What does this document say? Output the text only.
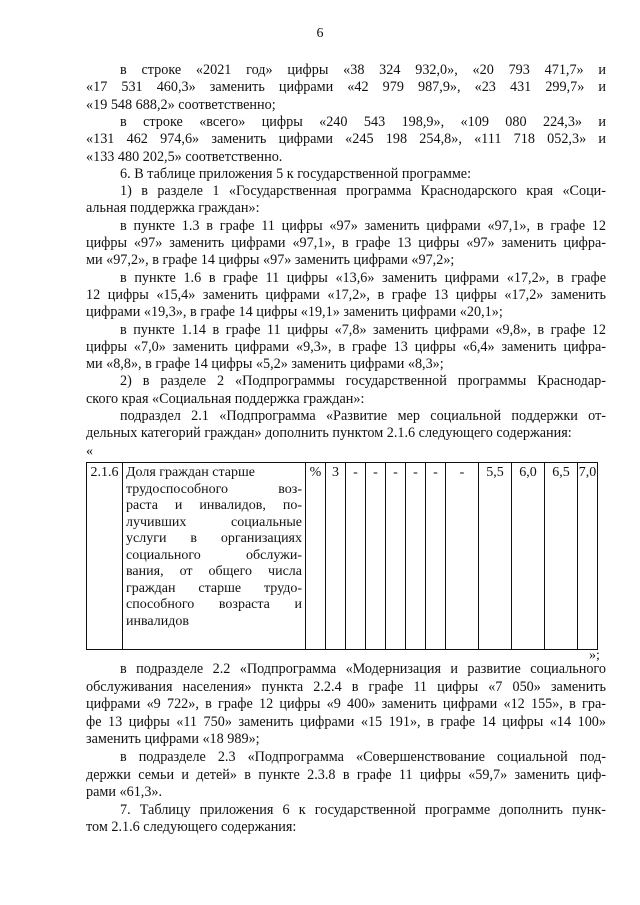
6
в строке «2021 год» цифры «38 324 932,0», «20 793 471,7» и
«17 531 460,3» заменить цифрами «42 979 987,9», «23 431 299,7» и
«19 548 688,2» соответственно;
в строке «всего» цифры «240 543 198,9», «109 080 224,3» и
«131 462 974,6» заменить цифрами «245 198 254,8», «111 718 052,3» и
«133 480 202,5» соответственно.
6. В таблице приложения 5 к государственной программе:
1) в разделе 1 «Государственная программа Краснодарского края «Соци-
альная поддержка граждан»:
в пункте 1.3 в графе 11 цифры «97» заменить цифрами «97,1», в графе 12
цифры «97» заменить цифрами «97,1», в графе 13 цифры «97» заменить цифра-
ми «97,2», в графе 14 цифры «97» заменить цифрами «97,2»;
в пункте 1.6 в графе 11 цифры «13,6» заменить цифрами «17,2», в графе
12 цифры «15,4» заменить цифрами «17,2», в графе 13 цифры «17,2» заменить
цифрами «19,3», в графе 14 цифры «19,1» заменить цифрами «20,1»;
в пункте 1.14 в графе 11 цифры «7,8» заменить цифрами «9,8», в графе 12
цифры «7,0» заменить цифрами «9,3», в графе 13 цифры «6,4» заменить цифра-
ми «8,8», в графе 14 цифры «5,2» заменить цифрами «8,3»;
2) в разделе 2 «Подпрограммы государственной программы Краснодар-
ского края «Социальная поддержка граждан»:
подраздел 2.1 «Подпрограмма «Развитие мер социальной поддержки от-
дельных категорий граждан» дополнить пунктом 2.1.6 следующего содержания:
«
2.1.6	Доля граждан старше
трудоспособного воз-
раста и инвалидов, по-
лучивших социальные
услуги в организациях
социального обслужи-
вания, от общего числа
граждан старше трудо-
способного возраста и
инвалидов
	%	3	-	-	-	-	-	-	5,5	6,0	6,5	7,0
»;
в подразделе 2.2 «Подпрограмма «Модернизация и развитие социального
обслуживания населения» пункта 2.2.4 в графе 11 цифры «7 050» заменить
цифрами «9 722», в графе 12 цифры «9 400» заменить цифрами «12 155», в гра-
фе 13 цифры «11 750» заменить цифрами «15 191», в графе 14 цифры «14 100»
заменить цифрами «18 989»;
в подразделе 2.3 «Подпрограмма «Совершенствование социальной под-
держки семьи и детей» в пункте 2.3.8 в графе 11 цифры «59,7» заменить циф-
рами «61,3».
7. Таблицу приложения 6 к государственной программе дополнить пунк-
том 2.1.6 следующего содержания:
